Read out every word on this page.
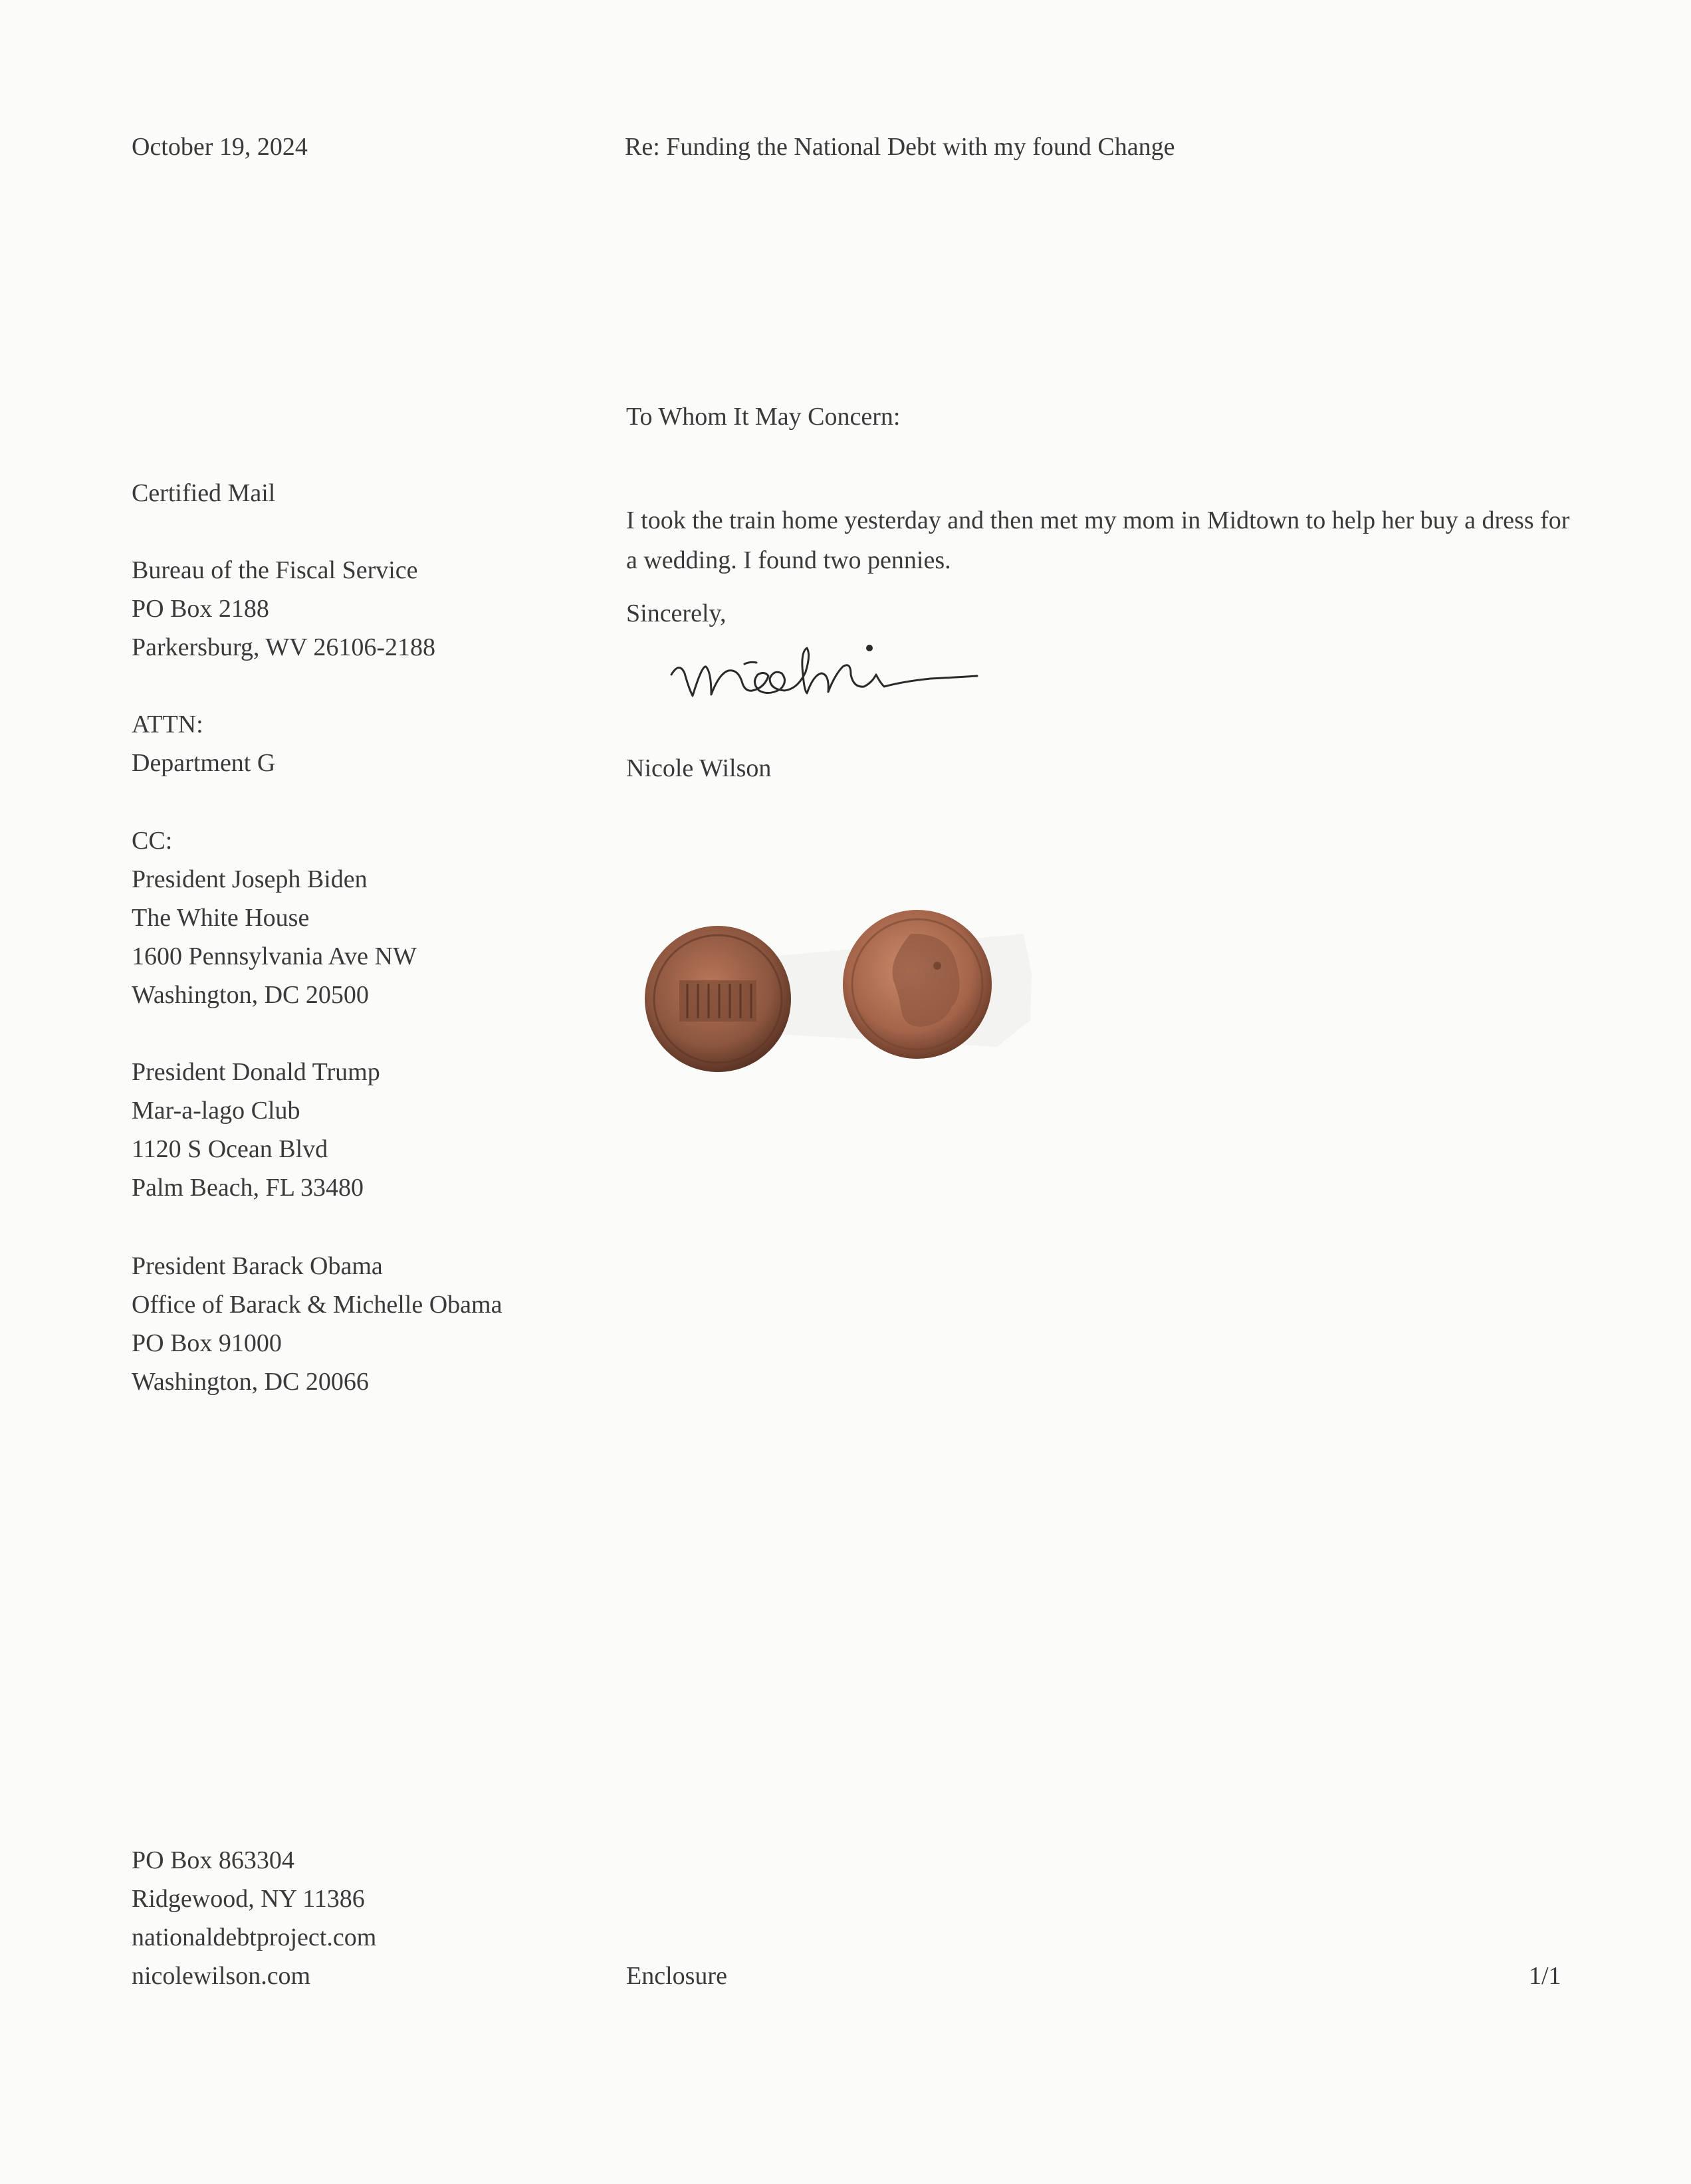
October 19, 2024	Re: Funding the National Debt with my found Change

To Whom It May Concern:

Certified Mail

Bureau of the Fiscal Service
PO Box 2188
Parkersburg, WV 26106-2188
ATTN:
Department G
CC:
President Joseph Biden
The White House
1600 Pennsylvania Ave NW
Washington, DC 20500
President Donald Trump
Mar-a-lago Club
1120 S Ocean Blvd
Palm Beach, FL 33480
President Barack Obama
Office of Barack & Michelle Obama
PO Box 91000
Washington, DC 20066

I took the train home yesterday and then met my mom in Midtown to help her buy a dress for a wedding. I found two pennies.

Sincerely,

Nicole Wilson

PO Box 863304
Ridgewood, NY 11386
nationaldebtproject.com
nicolewilson.com	Enclosure	1/1
